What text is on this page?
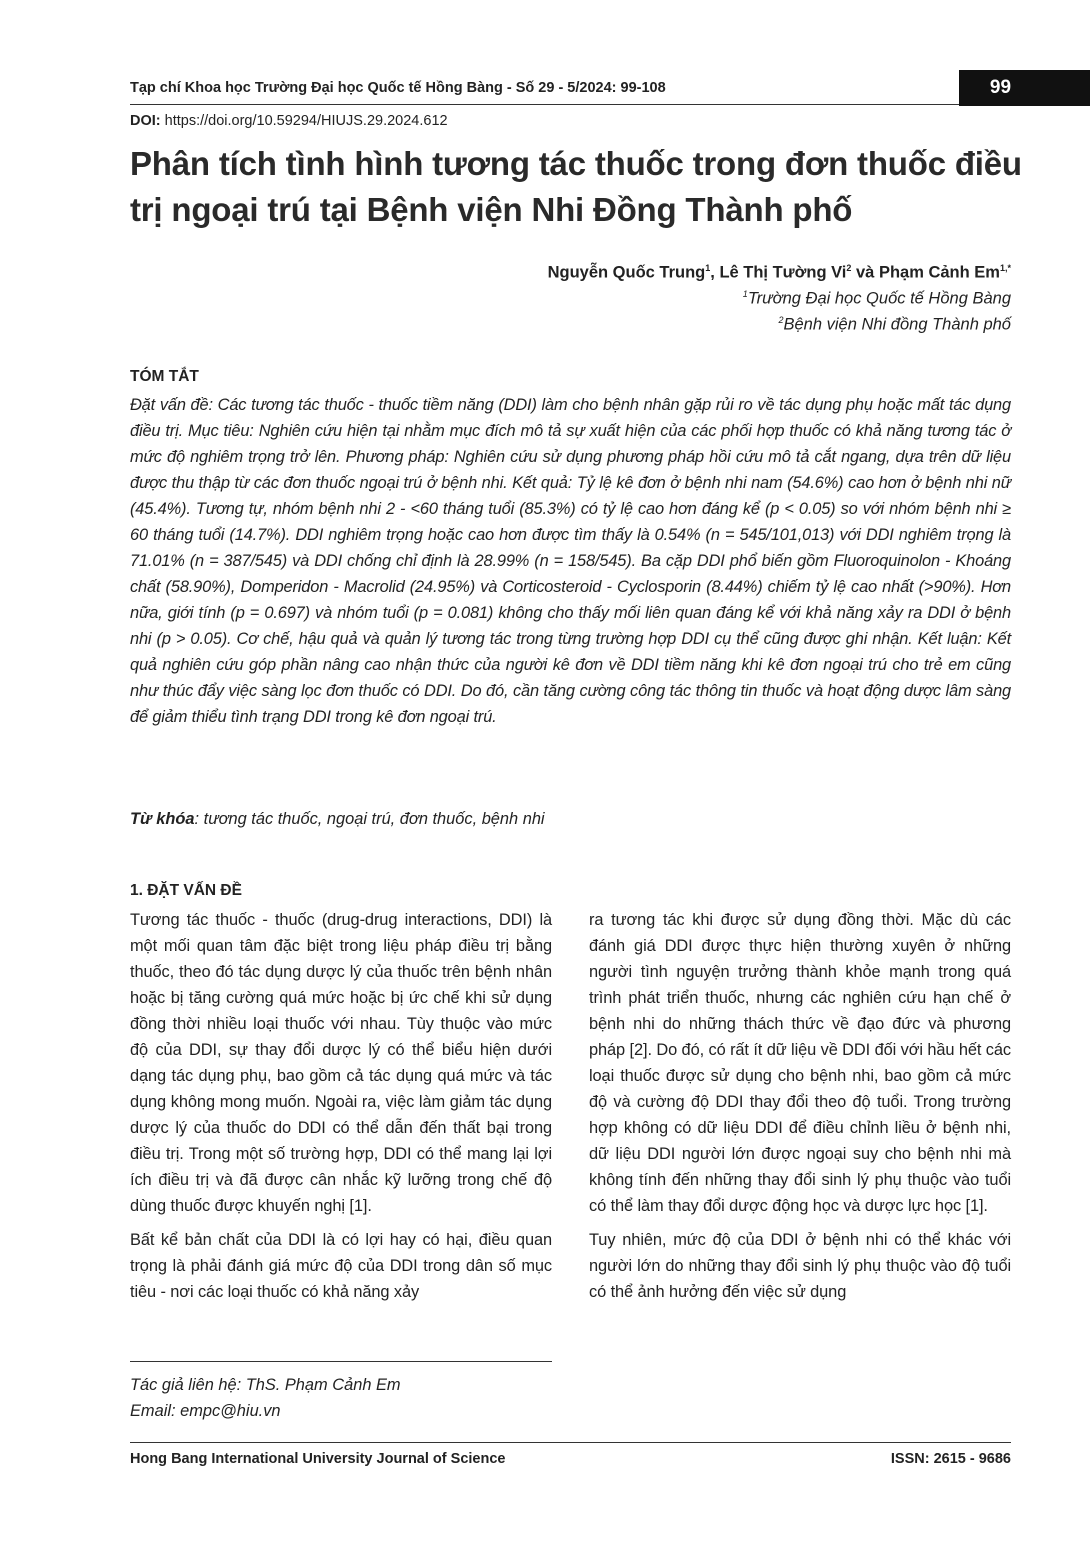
Tạp chí Khoa học Trường Đại học Quốc tế Hồng Bàng - Số 29 - 5/2024: 99-108	99
DOI: https://doi.org/10.59294/HIUJS.29.2024.612
Phân tích tình hình tương tác thuốc trong đơn thuốc điều trị ngoại trú tại Bệnh viện Nhi Đồng Thành phố
Nguyễn Quốc Trung$^1$, Lê Thị Tường Vi$^2$ và Phạm Cảnh $Em^{1,*}$
$^1$Trường Đại học Quốc tế Hồng Bàng
$^2$Bệnh viện Nhi đồng Thành phố
TÓM TẮT

Đặt vấn đề: Các tương tác thuốc - thuốc tiềm năng (DDI) làm cho bệnh nhân gặp rủi ro về tác dụng phụ hoặc mất tác dụng điều trị. Mục tiêu: Nghiên cứu hiện tại nhằm mục đích mô tả sự xuất hiện của các phối hợp thuốc có khả năng tương tác ở mức độ nghiêm trọng trở lên. Phương pháp: Nghiên cứu sử dụng phương pháp hồi cứu mô tả cắt ngang, dựa trên dữ liệu được thu thập từ các đơn thuốc ngoại trú ở bệnh nhi. Kết quả: Tỷ lệ kê đơn ở bệnh nhi nam (54.6%) cao hơn ở bệnh nhi nữ (45.4%). Tương tự, nhóm bệnh nhi 2 - <60 tháng tuổi (85.3%) có tỷ lệ cao hơn đáng kể (p < 0.05) so với nhóm bệnh nhi ≥ 60 tháng tuổi (14.7%). DDI nghiêm trọng hoặc cao hơn được tìm thấy là 0.54% (n = 545/101,013) với DDI nghiêm trọng là 71.01% (n = 387/545) và DDI chống chỉ định là 28.99% (n = 158/545). Ba cặp DDI phổ biến gồm Fluoroquinolon - Khoáng chất (58.90%), Domperidon - Macrolid (24.95%) và Corticosteroid - Cyclosporin (8.44%) chiếm tỷ lệ cao nhất (>90%). Hơn nữa, giới tính (p = 0.697) và nhóm tuổi (p = 0.081) không cho thấy mối liên quan đáng kể với khả năng xảy ra DDI ở bệnh nhi (p > 0.05). Cơ chế, hậu quả và quản lý tương tác trong từng trường hợp DDI cụ thể cũng được ghi nhận. Kết luận: Kết quả nghiên cứu góp phần nâng cao nhận thức của người kê đơn về DDI tiềm năng khi kê đơn ngoại trú cho trẻ em cũng như thúc đẩy việc sàng lọc đơn thuốc có DDI. Do đó, cần tăng cường công tác thông tin thuốc và hoạt động dược lâm sàng để giảm thiểu tình trạng DDI trong kê đơn ngoại trú.

Từ khóa: tương tác thuốc, ngoại trú, đơn thuốc, bệnh nhi
1. ĐẶT VẤN ĐỀ

Tương tác thuốc - thuốc (drug-drug interactions, DDI) là một mối quan tâm đặc biệt trong liệu pháp điều trị bằng thuốc, theo đó tác dụng dược lý của thuốc trên bệnh nhân hoặc bị tăng cường quá mức hoặc bị ức chế khi sử dụng đồng thời nhiều loại thuốc với nhau. Tùy thuộc vào mức độ của DDI, sự thay đổi dược lý có thể biểu hiện dưới dạng tác dụng phụ, bao gồm cả tác dụng quá mức và tác dụng không mong muốn. Ngoài ra, việc làm giảm tác dụng dược lý của thuốc do DDI có thể dẫn đến thất bại trong điều trị. Trong một số trường hợp, DDI có thể mang lại lợi ích điều trị và đã được cân nhắc kỹ lưỡng trong chế độ dùng thuốc được khuyến nghị [1].

Bất kể bản chất của DDI là có lợi hay có hại, điều quan trọng là phải đánh giá mức độ của DDI trong dân số mục tiêu - nơi các loại thuốc có khả năng xảy

ra tương tác khi được sử dụng đồng thời. Mặc dù các đánh giá DDI được thực hiện thường xuyên ở những người tình nguyện trưởng thành khỏe mạnh trong quá trình phát triển thuốc, nhưng các nghiên cứu hạn chế ở bệnh nhi do những thách thức về đạo đức và phương pháp [2]. Do đó, có rất ít dữ liệu về DDI đối với hầu hết các loại thuốc được sử dụng cho bệnh nhi, bao gồm cả mức độ và cường độ DDI thay đổi theo độ tuổi. Trong trường hợp không có dữ liệu DDI để điều chỉnh liều ở bệnh nhi, dữ liệu DDI người lớn được ngoại suy cho bệnh nhi mà không tính đến những thay đổi sinh lý phụ thuộc vào tuổi có thể làm thay đổi dược động học và dược lực học [1].

Tuy nhiên, mức độ của DDI ở bệnh nhi có thể khác với người lớn do những thay đổi sinh lý phụ thuộc vào độ tuổi có thể ảnh hưởng đến việc sử dụng

Tác giả liên hệ: ThS. Phạm Cảnh Em
Email: empc@hiu.vn
Hong Bang International University Journal of Science	ISSN: 2615 - 9686
